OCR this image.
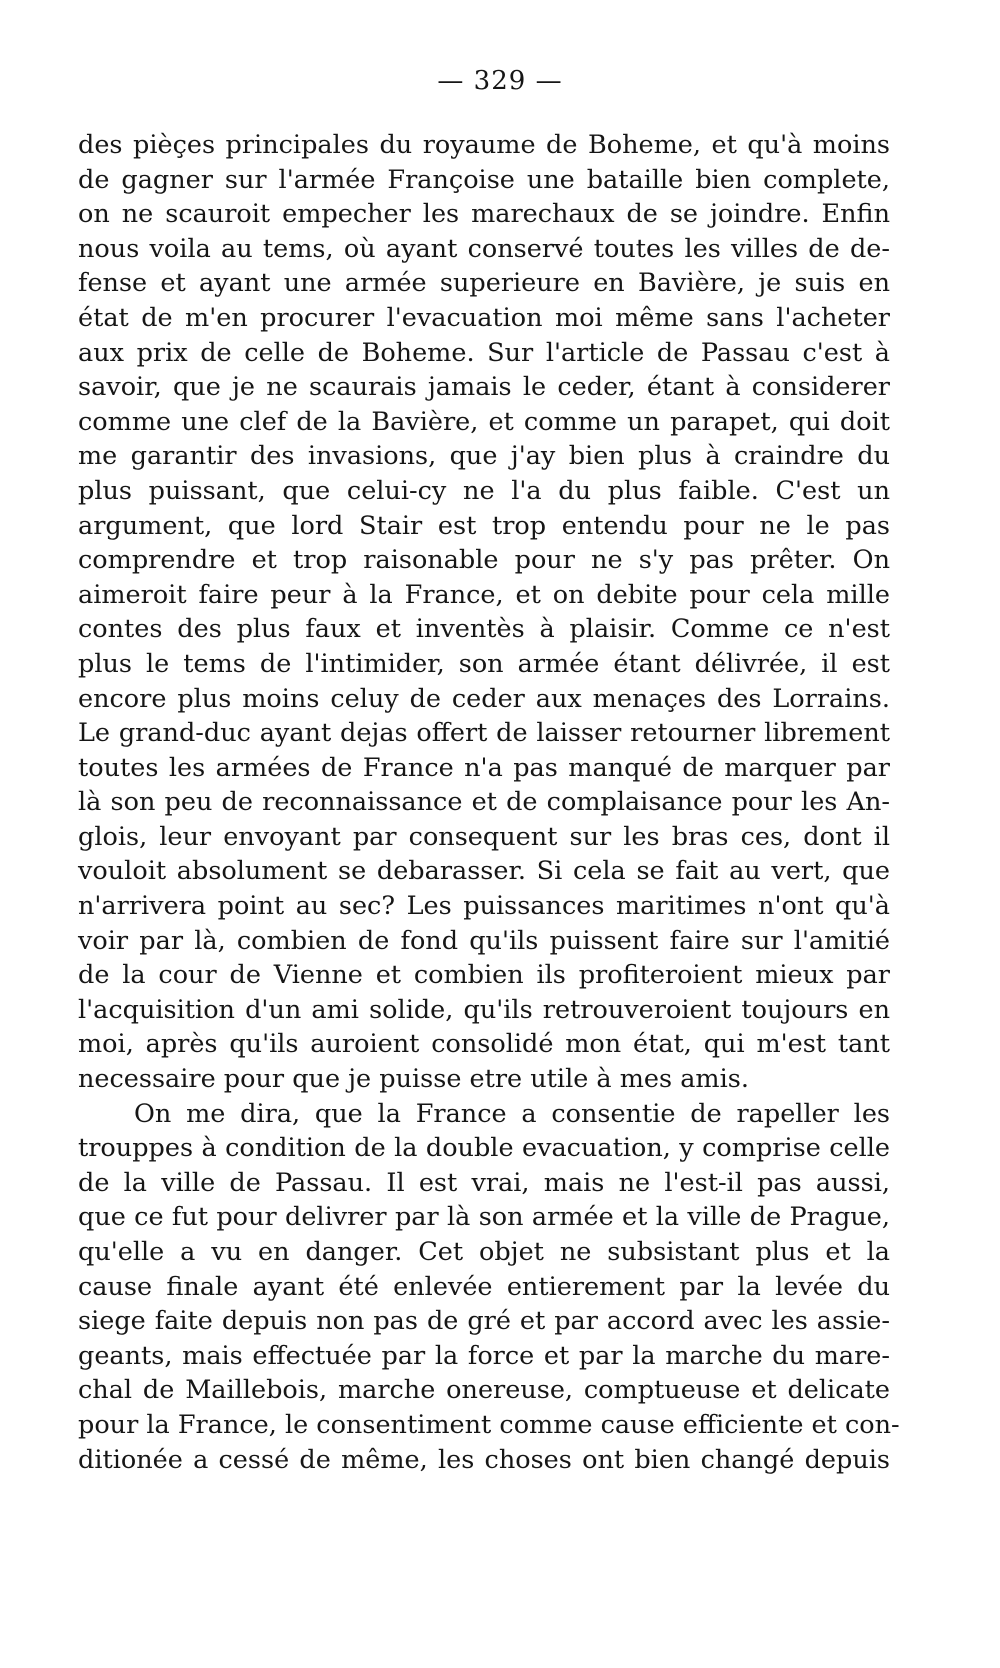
— 329 —
des pièçes principales du royaume de Boheme, et qu'à moins
de gagner sur l'armée Françoise une bataille bien complete,
on ne scauroit empecher les marechaux de se joindre. Enfin
nous voila au tems, où ayant conservé toutes les villes de de-
fense et ayant une armée superieure en Bavière, je suis en
état de m'en procurer l'evacuation moi même sans l'acheter
aux prix de celle de Boheme. Sur l'article de Passau c'est à
savoir, que je ne scaurais jamais le ceder, étant à considerer
comme une clef de la Bavière, et comme un parapet, qui doit
me garantir des invasions, que j'ay bien plus à craindre du
plus puissant, que celui-cy ne l'a du plus faible. C'est un
argument, que lord Stair est trop entendu pour ne le pas
comprendre et trop raisonable pour ne s'y pas prêter. On
aimeroit faire peur à la France, et on debite pour cela mille
contes des plus faux et inventès à plaisir. Comme ce n'est
plus le tems de l'intimider, son armée étant délivrée, il est
encore plus moins celuy de ceder aux menaçes des Lorrains.
Le grand-duc ayant dejas offert de laisser retourner librement
toutes les armées de France n'a pas manqué de marquer par
là son peu de reconnaissance et de complaisance pour les An-
glois, leur envoyant par consequent sur les bras ces, dont il
vouloit absolument se debarasser. Si cela se fait au vert, que
n'arrivera point au sec? Les puissances maritimes n'ont qu'à
voir par là, combien de fond qu'ils puissent faire sur l'amitié
de la cour de Vienne et combien ils profiteroient mieux par
l'acquisition d'un ami solide, qu'ils retrouveroient toujours en
moi, après qu'ils auroient consolidé mon état, qui m'est tant
necessaire pour que je puisse etre utile à mes amis.
On me dira, que la France a consentie de rapeller les
trouppes à condition de la double evacuation, y comprise celle
de la ville de Passau. Il est vrai, mais ne l'est-il pas aussi,
que ce fut pour delivrer par là son armée et la ville de Prague,
qu'elle a vu en danger. Cet objet ne subsistant plus et la
cause finale ayant été enlevée entierement par la levée du
siege faite depuis non pas de gré et par accord avec les assie-
geants, mais effectuée par la force et par la marche du mare-
chal de Maillebois, marche onereuse, comptueuse et delicate
pour la France, le consentiment comme cause efficiente et con-
ditionée a cessé de même, les choses ont bien changé depuis
